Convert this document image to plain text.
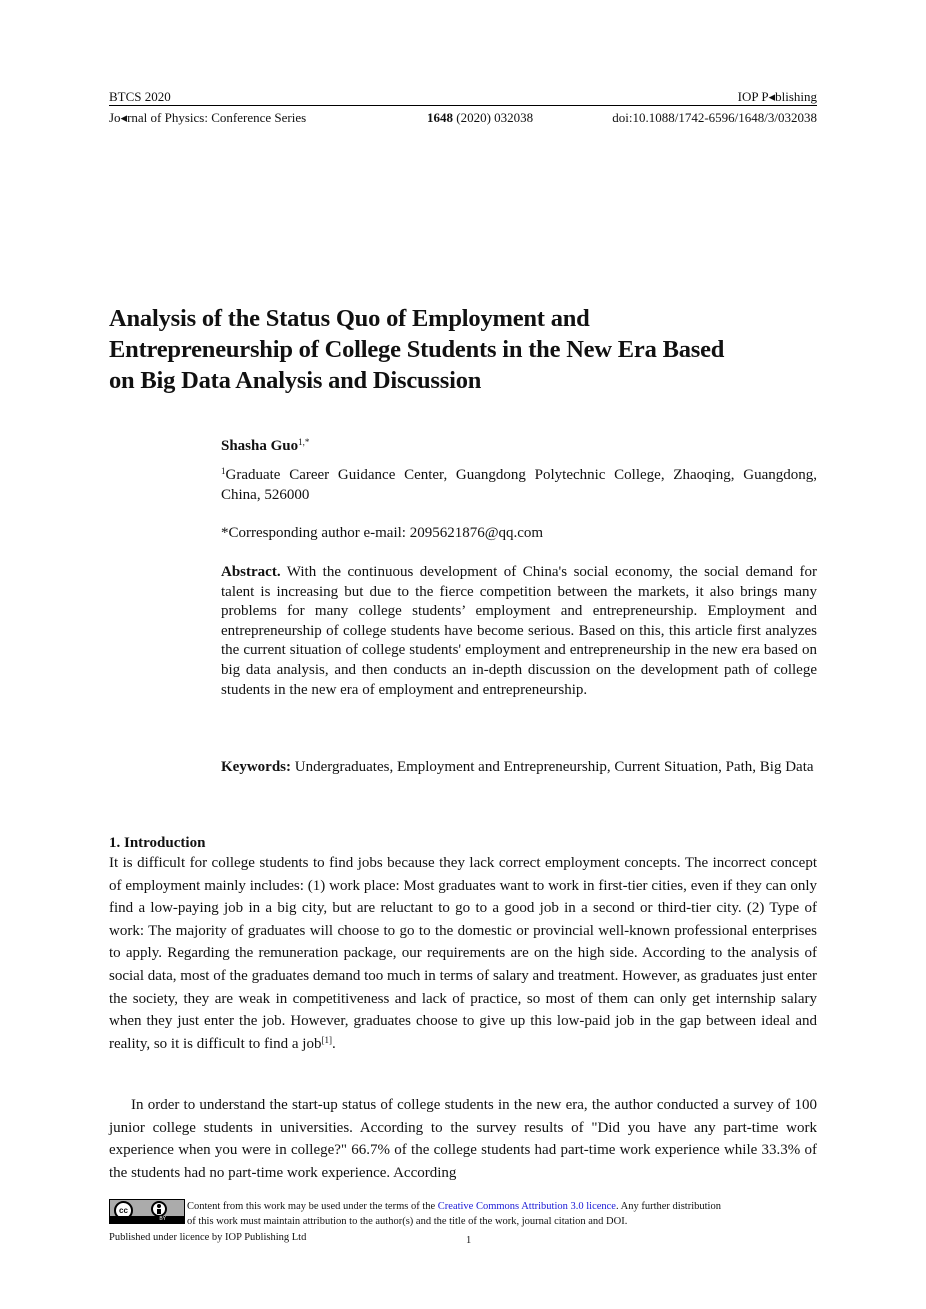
BTCS 2020	IOP P◂blishing
Jo◂rnal of Physics: Conference Series	1648 (2020) 032038	doi:10.1088/1742-6596/1648/3/032038
Analysis of the Status Quo of Employment and
Entrepreneurship of College Students in the New Era Based
on Big Data Analysis and Discussion
Shasha Guo$^{1,*}$
$^1$Graduate Career Guidance Center, Guangdong Polytechnic College, Zhaoqing, Guangdong, China, 526000
*Corresponding author e-mail: 2095621876@qq.com
Abstract. With the continuous development of China's social economy, the social demand for talent is increasing but due to the fierce competition between the markets, it also brings many problems for many college students’ employment and entrepreneurship. Employment and entrepreneurship of college students have become serious. Based on this, this article first analyzes the current situation of college students' employment and entrepreneurship in the new era based on big data analysis, and then conducts an in-depth discussion on the development path of college students in the new era of employment and entrepreneurship.
Keywords: Undergraduates, Employment and Entrepreneurship, Current Situation, Path, Big Data
1. Introduction

It is difficult for college students to find jobs because they lack correct employment concepts. The incorrect concept of employment mainly includes: (1) work place: Most graduates want to work in first-tier cities, even if they can only find a low-paying job in a big city, but are reluctant to go to a good job in a second or third-tier city. (2) Type of work: The majority of graduates will choose to go to the domestic or provincial well-known professional enterprises to apply. Regarding the remuneration package, our requirements are on the high side. According to the analysis of social data, most of the graduates demand too much in terms of salary and treatment. However, as graduates just enter the society, they are weak in competitiveness and lack of practice, so most of them can only get internship salary when they just enter the job. However, graduates choose to give up this low-paid job in the gap between ideal and reality, so it is difficult to find a job[1].

In order to understand the start-up status of college students in the new era, the author conducted a survey of 100 junior college students in universities. According to the survey results of "Did you have any part-time work experience when you were in college?" 66.7% of the college students had part-time work experience while 33.3% of the students had no part-time work experience. According
cc
BY
Content from this work may be used under the terms of the Creative Commons Attribution 3.0 licence. Any further distribution
of this work must maintain attribution to the author(s) and the title of the work, journal citation and DOI.
Published under licence by IOP Publishing Ltd	1
